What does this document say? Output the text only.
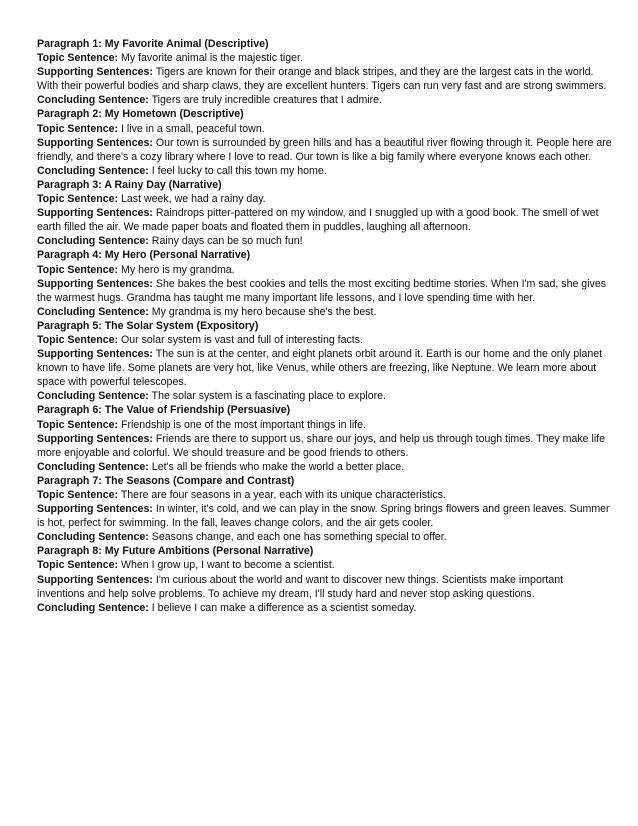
Paragraph 1: My Favorite Animal (Descriptive)
Topic Sentence: My favorite animal is the majestic tiger.
Supporting Sentences: Tigers are known for their orange and black stripes, and they are the largest cats in the world. With their powerful bodies and sharp claws, they are excellent hunters. Tigers can run very fast and are strong swimmers.
Concluding Sentence: Tigers are truly incredible creatures that I admire.
Paragraph 2: My Hometown (Descriptive)
Topic Sentence: I live in a small, peaceful town.
Supporting Sentences: Our town is surrounded by green hills and has a beautiful river flowing through it. People here are friendly, and there's a cozy library where I love to read. Our town is like a big family where everyone knows each other.
Concluding Sentence: I feel lucky to call this town my home.
Paragraph 3: A Rainy Day (Narrative)
Topic Sentence: Last week, we had a rainy day.
Supporting Sentences: Raindrops pitter-pattered on my window, and I snuggled up with a good book. The smell of wet earth filled the air. We made paper boats and floated them in puddles, laughing all afternoon.
Concluding Sentence: Rainy days can be so much fun!
Paragraph 4: My Hero (Personal Narrative)
Topic Sentence: My hero is my grandma.
Supporting Sentences: She bakes the best cookies and tells the most exciting bedtime stories. When I'm sad, she gives the warmest hugs. Grandma has taught me many important life lessons, and I love spending time with her.
Concluding Sentence: My grandma is my hero because she's the best.
Paragraph 5: The Solar System (Expository)
Topic Sentence: Our solar system is vast and full of interesting facts.
Supporting Sentences: The sun is at the center, and eight planets orbit around it. Earth is our home and the only planet known to have life. Some planets are very hot, like Venus, while others are freezing, like Neptune. We learn more about space with powerful telescopes.
Concluding Sentence: The solar system is a fascinating place to explore.
Paragraph 6: The Value of Friendship (Persuasive)
Topic Sentence: Friendship is one of the most important things in life.
Supporting Sentences: Friends are there to support us, share our joys, and help us through tough times. They make life more enjoyable and colorful. We should treasure and be good friends to others.
Concluding Sentence: Let's all be friends who make the world a better place.
Paragraph 7: The Seasons (Compare and Contrast)
Topic Sentence: There are four seasons in a year, each with its unique characteristics.
Supporting Sentences: In winter, it's cold, and we can play in the snow. Spring brings flowers and green leaves. Summer is hot, perfect for swimming. In the fall, leaves change colors, and the air gets cooler.
Concluding Sentence: Seasons change, and each one has something special to offer.
Paragraph 8: My Future Ambitions (Personal Narrative)
Topic Sentence: When I grow up, I want to become a scientist.
Supporting Sentences: I'm curious about the world and want to discover new things. Scientists make important inventions and help solve problems. To achieve my dream, I'll study hard and never stop asking questions.
Concluding Sentence: I believe I can make a difference as a scientist someday.
